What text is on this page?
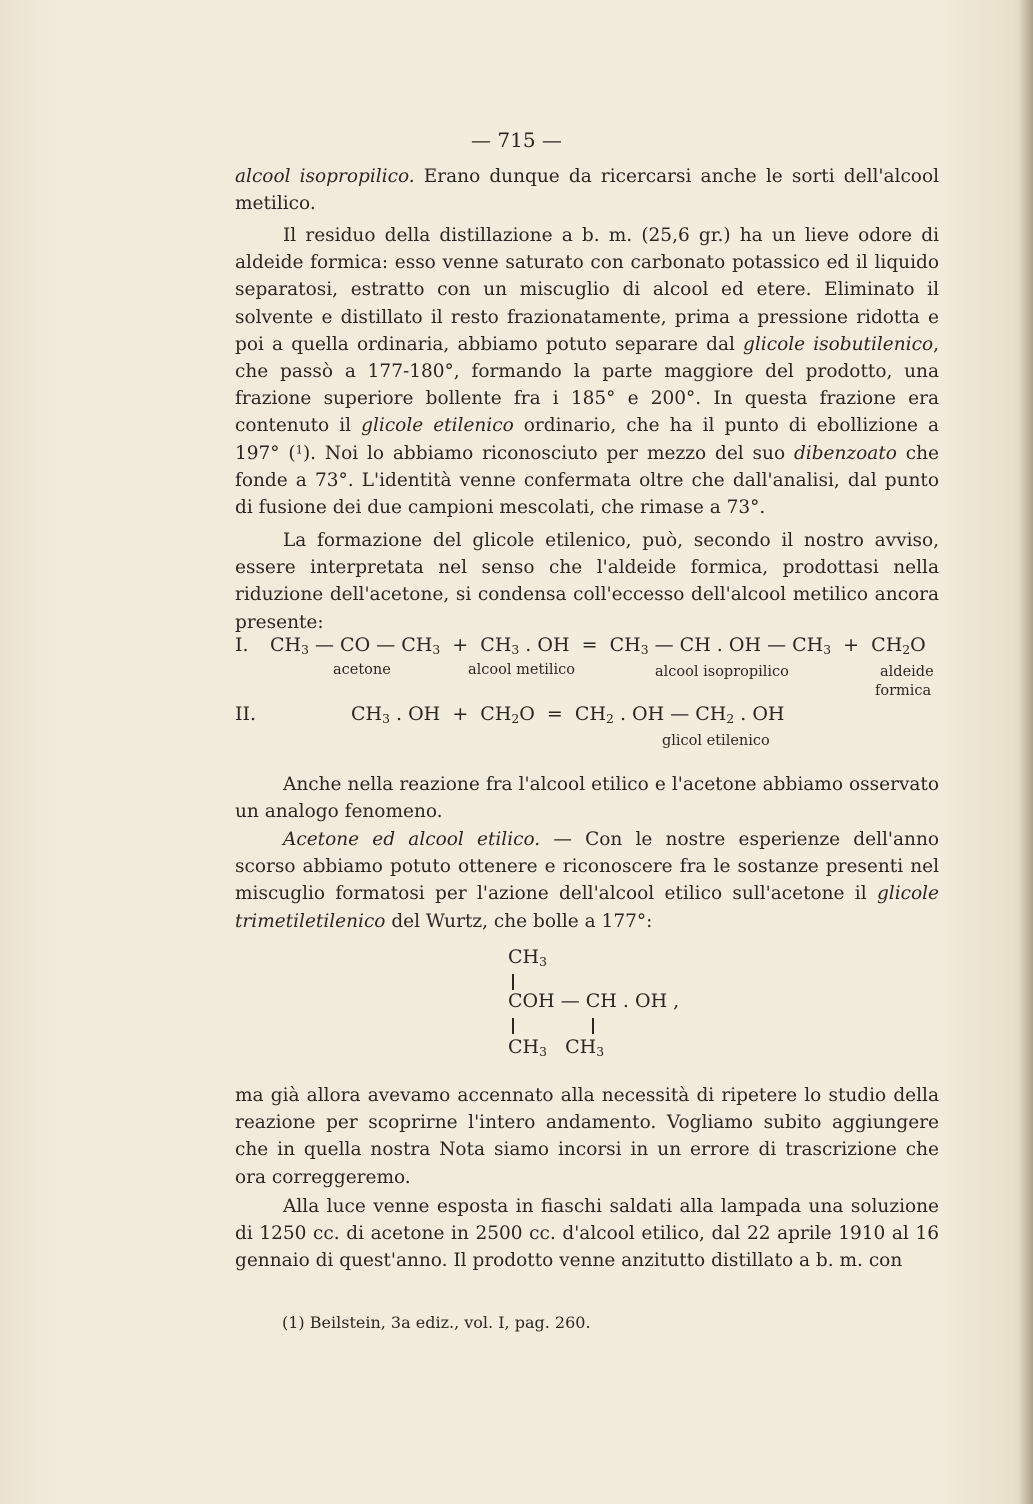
— 715 —

alcool isopropilico. Erano dunque da ricercarsi anche le sorti dell'alcool metilico.

Il residuo della distillazione a b. m. (25,6 gr.) ha un lieve odore di aldeide formica: esso venne saturato con carbonato potassico ed il liquido separatosi, estratto con un miscuglio di alcool ed etere. Eliminato il solvente e distillato il resto frazionatamente, prima a pressione ridotta e poi a quella ordinaria, abbiamo potuto separare dal glicole isobutilenico, che passò a 177-180°, formando la parte maggiore del prodotto, una frazione superiore bollente fra i 185° e 200°. In questa frazione era contenuto il glicole etilenico ordinario, che ha il punto di ebollizione a 197° ($^1$). Noi lo abbiamo riconosciuto per mezzo del suo dibenzoato che fonde a 73°. L'identità venne confermata oltre che dall'analisi, dal punto di fusione dei due campioni mescolati, che rimase a 73°.

La formazione del glicole etilenico, può, secondo il nostro avviso, essere interpretata nel senso che l'aldeide formica, prodottasi nella riduzione dell'acetone, si condensa coll'eccesso dell'alcool metilico ancora presente:

I. $CH_3$ — CO — $CH_3 + CH_3$ . OH  =  $CH_3$ — CH . OH — $CH_3 + CH_2O$
acetone	alcool metilico	alcool isopropilico	aldeide
formica
II.	$CH_3$ . OH  +  $CH_2O = CH_2$ . OH — $CH_2$ . OH
glicol etilenico

Anche nella reazione fra l'alcool etilico e l'acetone abbiamo osservato un analogo fenomeno.

Acetone ed alcool etilico. — Con le nostre esperienze dell'anno scorso abbiamo potuto ottenere e riconoscere fra le sostanze presenti nel miscuglio formatosi per l'azione dell'alcool etilico sull'acetone il glicole trimetiletilenico del Wurtz, che bolle a 177°:

$CH_3$
COH — CH . OH ,
$CH_3$   $CH_3$

ma già allora avevamo accennato alla necessità di ripetere lo studio della reazione per scoprirne l'intero andamento. Vogliamo subito aggiungere che in quella nostra Nota siamo incorsi in un errore di trascrizione che ora correggeremo.

Alla luce venne esposta in fiaschi saldati alla lampada una soluzione di 1250 cc. di acetone in 2500 cc. d'alcool etilico, dal 22 aprile 1910 al 16 gennaio di quest'anno. Il prodotto venne anzitutto distillato a b. m. con

(1) Beilstein, 3a ediz., vol. I, pag. 260.
